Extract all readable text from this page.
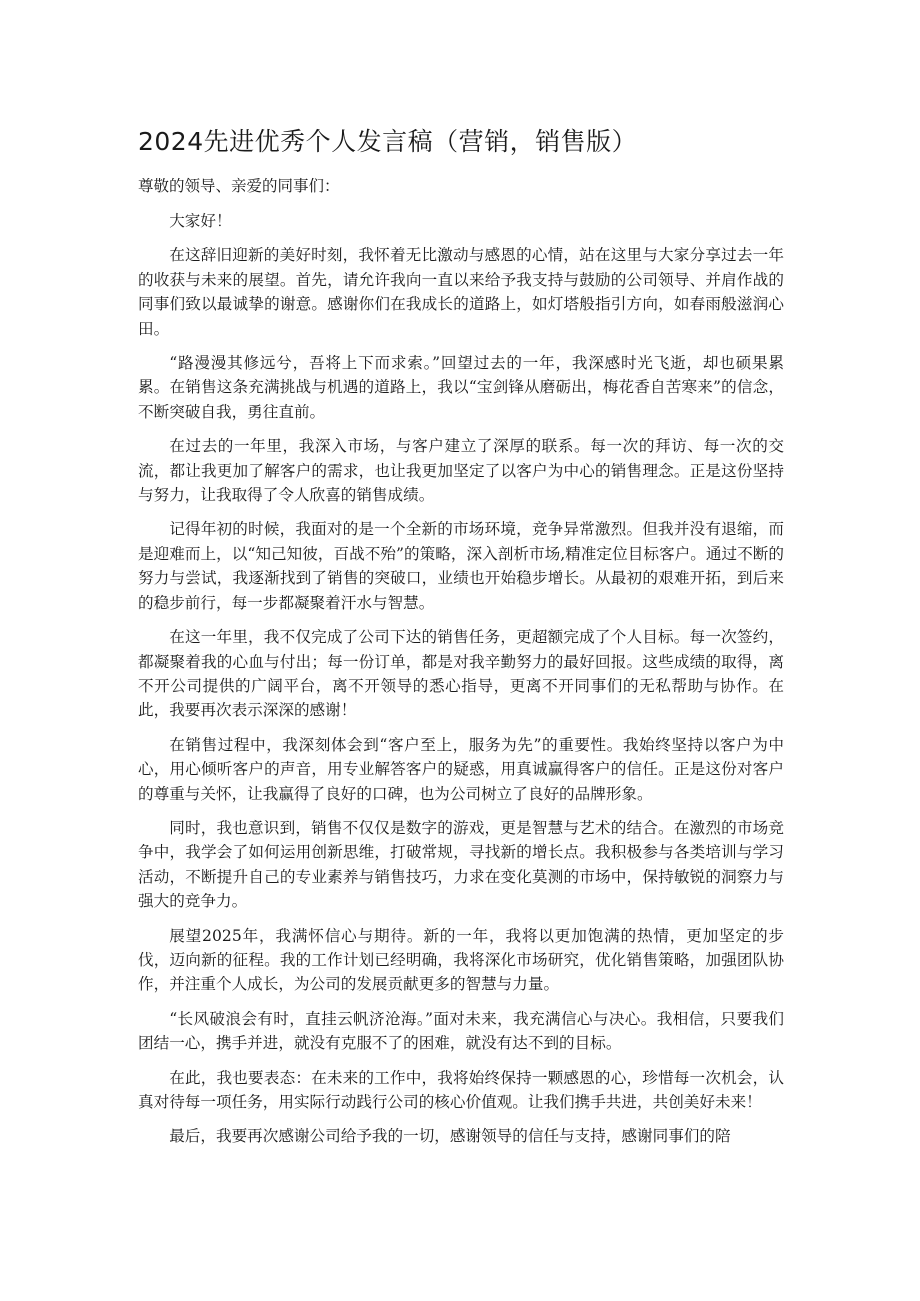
2024先进优秀个人发言稿（营销，销售版）

尊敬的领导、亲爱的同事们：

大家好！

在这辞旧迎新的美好时刻，我怀着无比激动与感恩的心情，站在这里与大家分享过去一年的收获与未来的展望。首先，请允许我向一直以来给予我支持与鼓励的公司领导、并肩作战的同事们致以最诚挚的谢意。感谢你们在我成长的道路上，如灯塔般指引方向，如春雨般滋润心田。

“路漫漫其修远兮，吾将上下而求索。”回望过去的一年，我深感时光飞逝，却也硕果累累。在销售这条充满挑战与机遇的道路上，我以“宝剑锋从磨砺出，梅花香自苦寒来”的信念，不断突破自我，勇往直前。

在过去的一年里，我深入市场，与客户建立了深厚的联系。每一次的拜访、每一次的交流，都让我更加了解客户的需求，也让我更加坚定了以客户为中心的销售理念。正是这份坚持与努力，让我取得了令人欣喜的销售成绩。

记得年初的时候，我面对的是一个全新的市场环境，竞争异常激烈。但我并没有退缩，而是迎难而上，以“知己知彼，百战不殆”的策略，深入剖析市场,精准定位目标客户。通过不断的努力与尝试，我逐渐找到了销售的突破口，业绩也开始稳步增长。从最初的艰难开拓，到后来的稳步前行，每一步都凝聚着汗水与智慧。

在这一年里，我不仅完成了公司下达的销售任务，更超额完成了个人目标。每一次签约，都凝聚着我的心血与付出；每一份订单，都是对我辛勤努力的最好回报。这些成绩的取得，离不开公司提供的广阔平台，离不开领导的悉心指导，更离不开同事们的无私帮助与协作。在此，我要再次表示深深的感谢！

在销售过程中，我深刻体会到“客户至上，服务为先”的重要性。我始终坚持以客户为中心，用心倾听客户的声音，用专业解答客户的疑惑，用真诚赢得客户的信任。正是这份对客户的尊重与关怀，让我赢得了良好的口碑，也为公司树立了良好的品牌形象。

同时，我也意识到，销售不仅仅是数字的游戏，更是智慧与艺术的结合。在激烈的市场竞争中，我学会了如何运用创新思维，打破常规，寻找新的增长点。我积极参与各类培训与学习活动，不断提升自己的专业素养与销售技巧，力求在变化莫测的市场中，保持敏锐的洞察力与强大的竞争力。

展望2025年，我满怀信心与期待。新的一年，我将以更加饱满的热情，更加坚定的步伐，迈向新的征程。我的工作计划已经明确，我将深化市场研究，优化销售策略，加强团队协作，并注重个人成长，为公司的发展贡献更多的智慧与力量。

“长风破浪会有时，直挂云帆济沧海。”面对未来，我充满信心与决心。我相信，只要我们团结一心，携手并进，就没有克服不了的困难，就没有达不到的目标。

在此，我也要表态：在未来的工作中，我将始终保持一颗感恩的心，珍惜每一次机会，认真对待每一项任务，用实际行动践行公司的核心价值观。让我们携手共进，共创美好未来！

最后，我要再次感谢公司给予我的一切，感谢领导的信任与支持，感谢同事们的陪
